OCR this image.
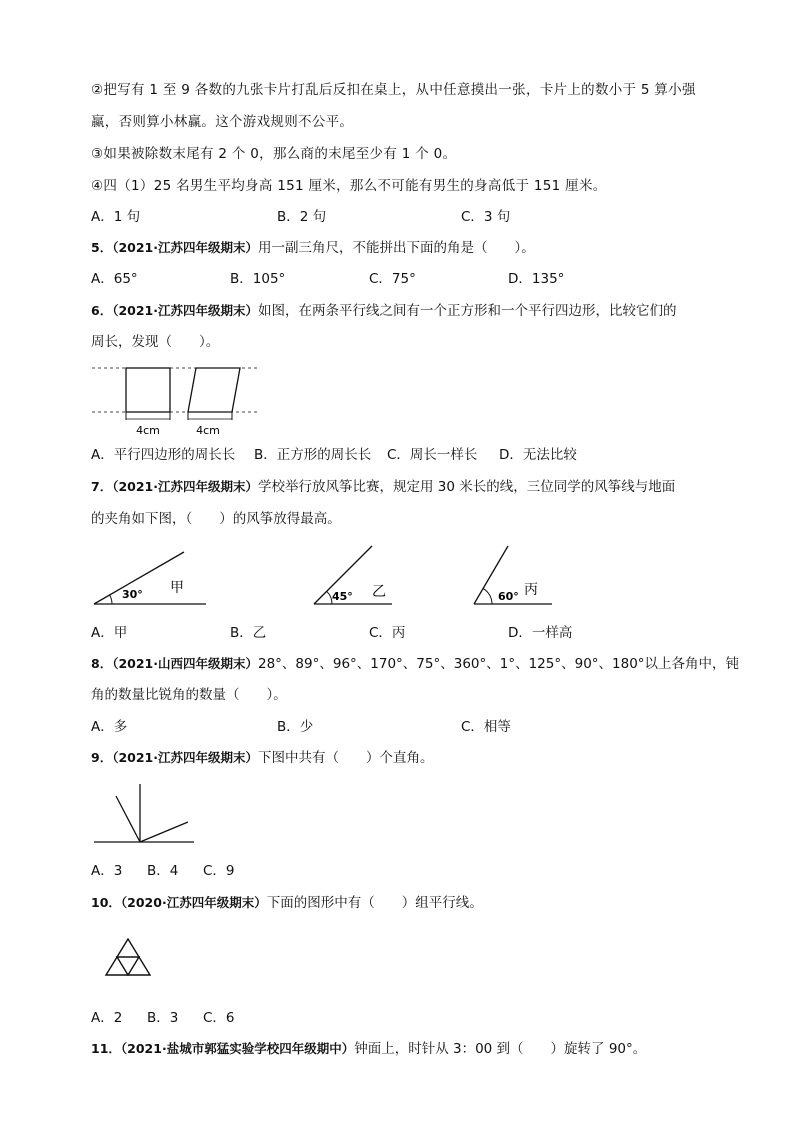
②把写有 1 至 9 各数的九张卡片打乱后反扣在桌上，从中任意摸出一张，卡片上的数小于 5 算小强
赢，否则算小林赢。这个游戏规则不公平。
③如果被除数末尾有 2 个 0，那么商的末尾至少有 1 个 0。
④四（1）25 名男生平均身高 151 厘米，那么不可能有男生的身高低于 151 厘米。
A．1 句	B．2 句	C．3 句
5．（2021·江苏四年级期末）用一副三角尺，不能拼出下面的角是（　　）。
A．65°	B．105°	C．75°	D．135°
6．（2021·江苏四年级期末）如图，在两条平行线之间有一个正方形和一个平行四边形，比较它们的
周长，发现（　　）。
4cm	4cm
A．平行四边形的周长长 B．正方形的周长长 C．周长一样长 D．无法比较
7．（2021·江苏四年级期末）学校举行放风筝比赛，规定用 30 米长的线，三位同学的风筝线与地面
的夹角如下图，（　　）的风筝放得最高。
30° 甲
45° 乙	60° 丙
A．甲	B．乙	C．丙	D．一样高
8．（2021·山西四年级期末）28°、89°、96°、170°、75°、360°、1°、125°、90°、180°以上各角中，钝
角的数量比锐角的数量（　　）。
A．多	B．少	C．相等
9．（2021·江苏四年级期末）下图中共有（　　）个直角。
A．3 B．4 C．9
10．（2020·江苏四年级期末）下面的图形中有（　　）组平行线。
A．2 B．3 C．6
11．（2021·盐城市郭猛实验学校四年级期中）钟面上，时针从 3：00 到（　　）旋转了 90°。
